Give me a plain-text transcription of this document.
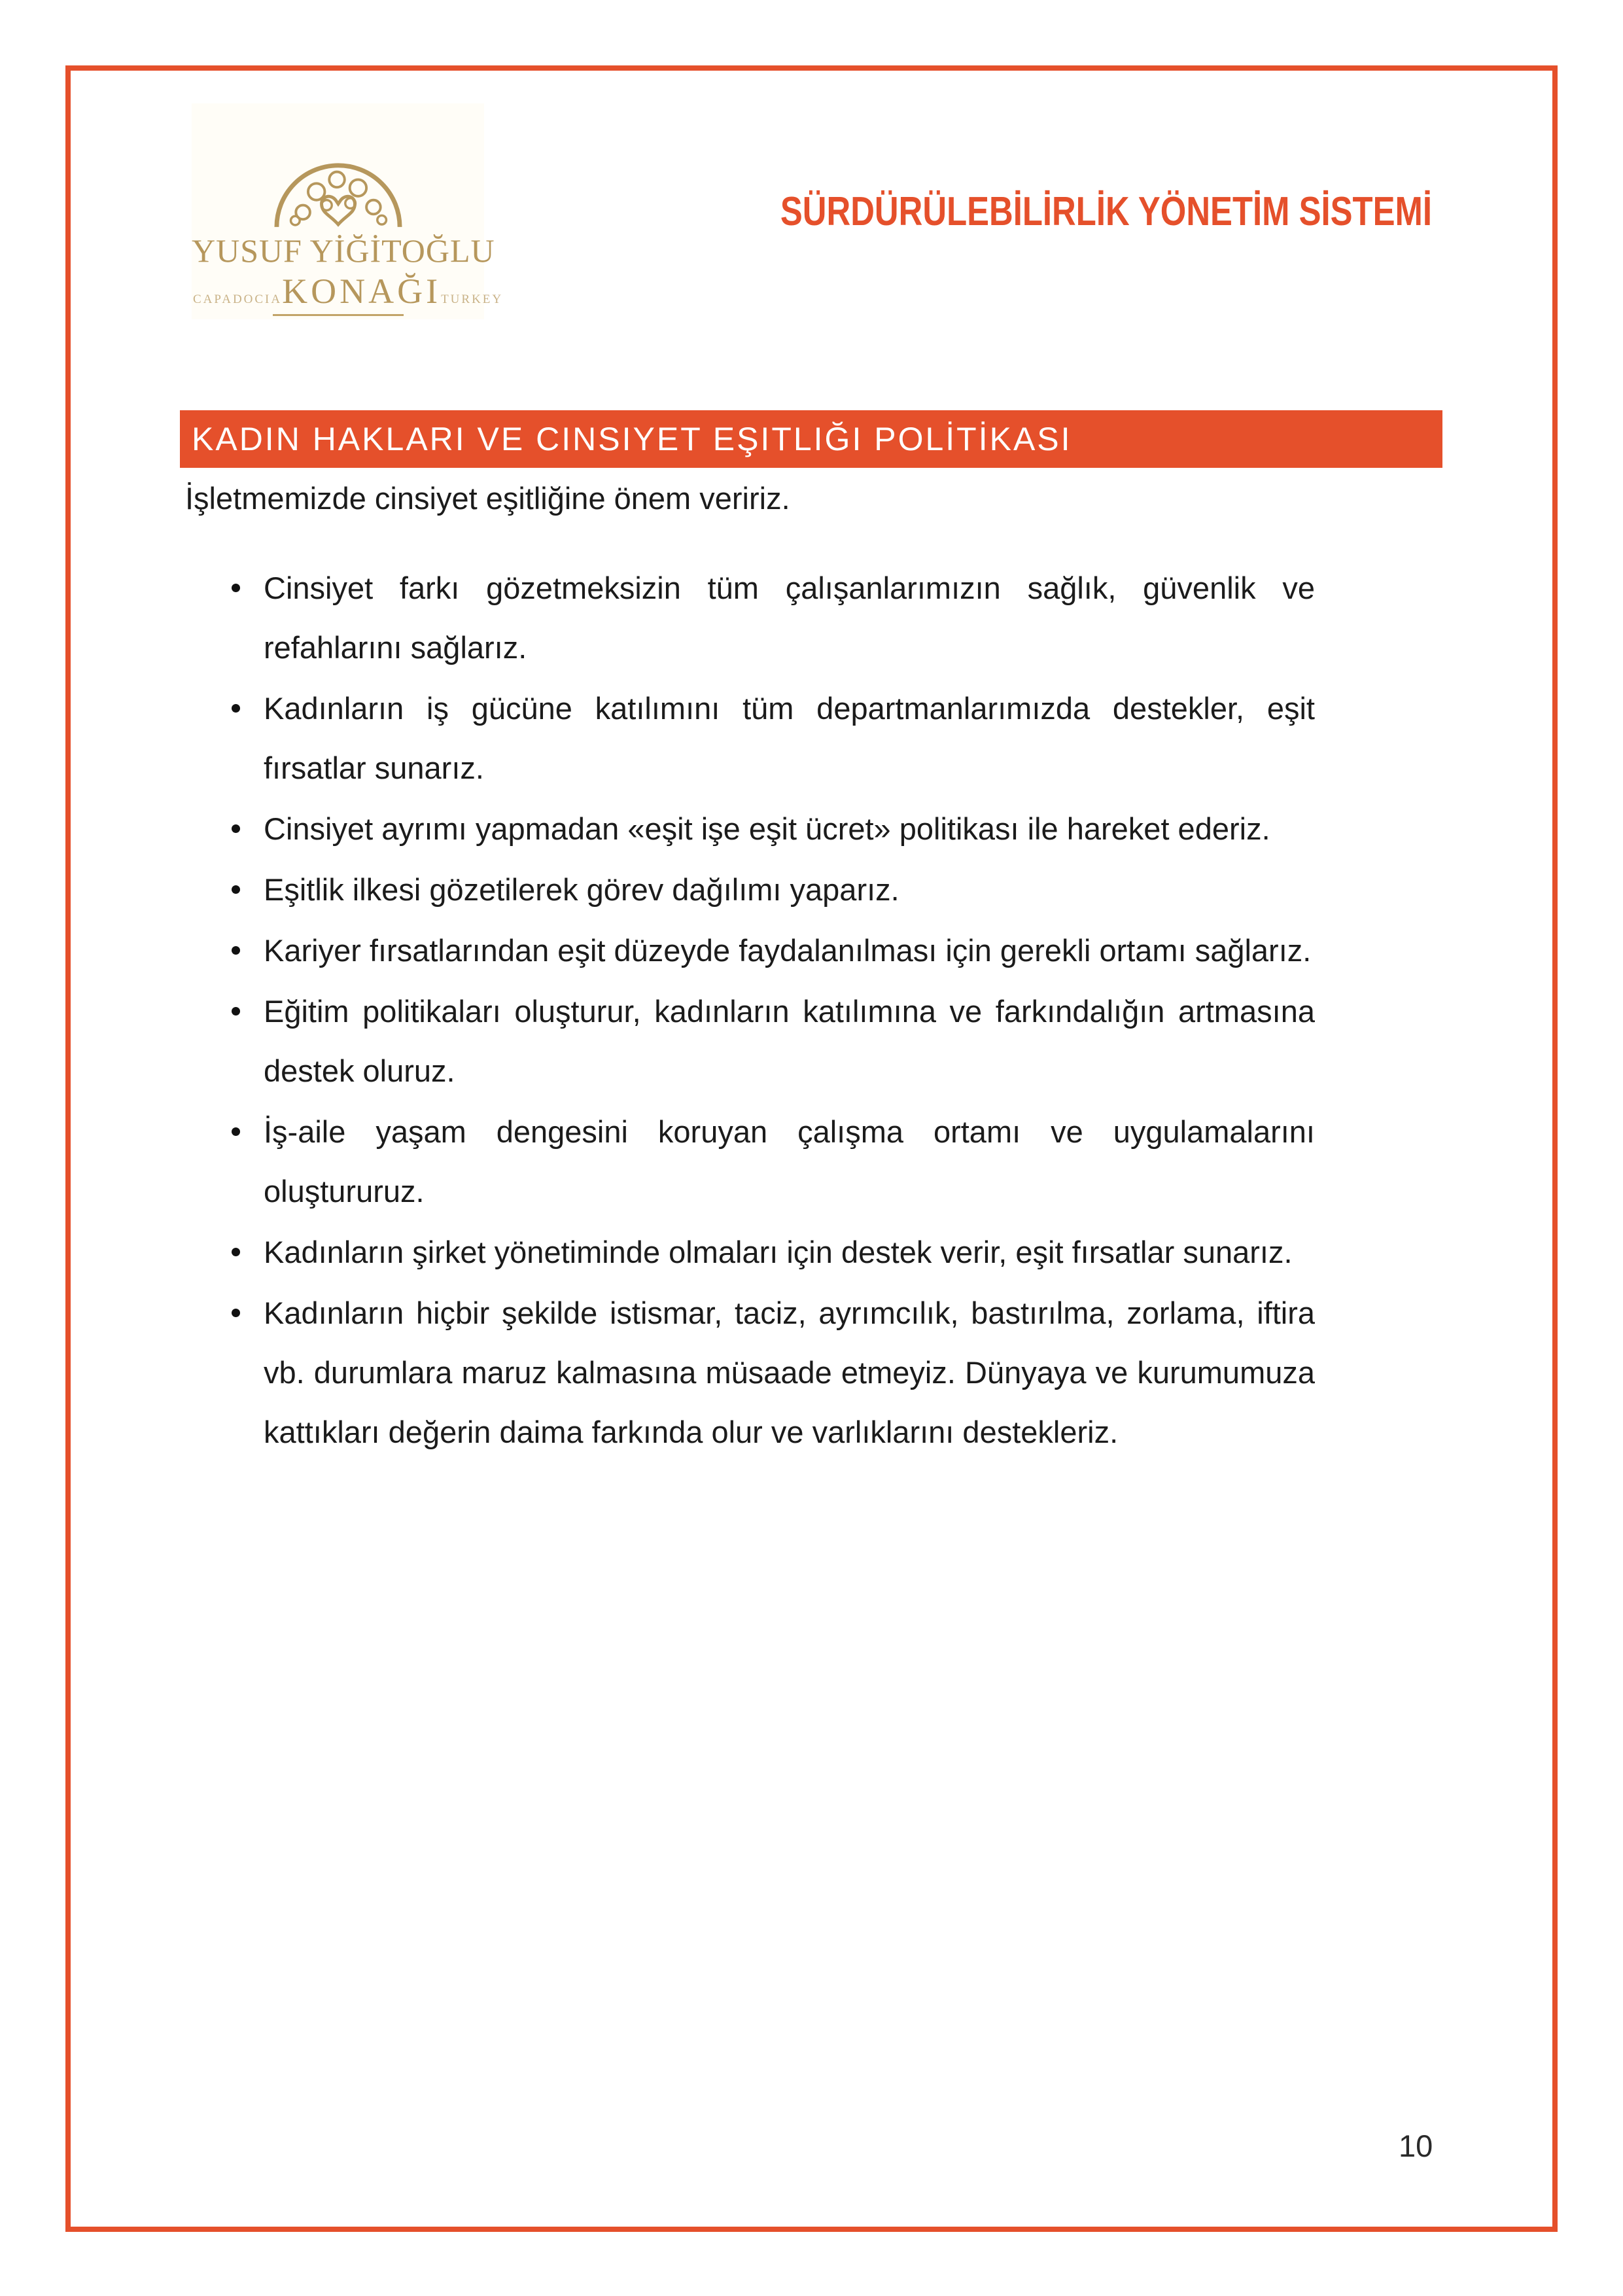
YUSUF YİĞİTOĞLU
CAPADOCIA KONAĞI TURKEY
SÜRDÜRÜLEBİLİRLİK YÖNETİM SİSTEMİ
KADIN HAKLARI VE CINSIYET EŞITLIĞI POLİTİKASI

İşletmemizde cinsiyet eşitliğine önem veririz.

Cinsiyet farkı gözetmeksizin tüm çalışanlarımızın sağlık, güvenlik ve refahlarını sağlarız.
Kadınların iş gücüne katılımını tüm departmanlarımızda destekler, eşit fırsatlar sunarız.
Cinsiyet ayrımı yapmadan «eşit işe eşit ücret» politikası ile hareket ederiz.
Eşitlik ilkesi gözetilerek görev dağılımı yaparız.
Kariyer fırsatlarından eşit düzeyde faydalanılması için gerekli ortamı sağlarız.
Eğitim politikaları oluşturur, kadınların katılımına ve farkındalığın artmasına destek oluruz.
İş-aile yaşam dengesini koruyan çalışma ortamı ve uygulamalarını oluştururuz.
Kadınların şirket yönetiminde olmaları için destek verir, eşit fırsatlar sunarız.
Kadınların hiçbir şekilde istismar, taciz, ayrımcılık, bastırılma, zorlama, iftira vb. durumlara maruz kalmasına müsaade etmeyiz. Dünyaya ve kurumumuza kattıkları değerin daima farkında olur ve varlıklarını destekleriz.
10
